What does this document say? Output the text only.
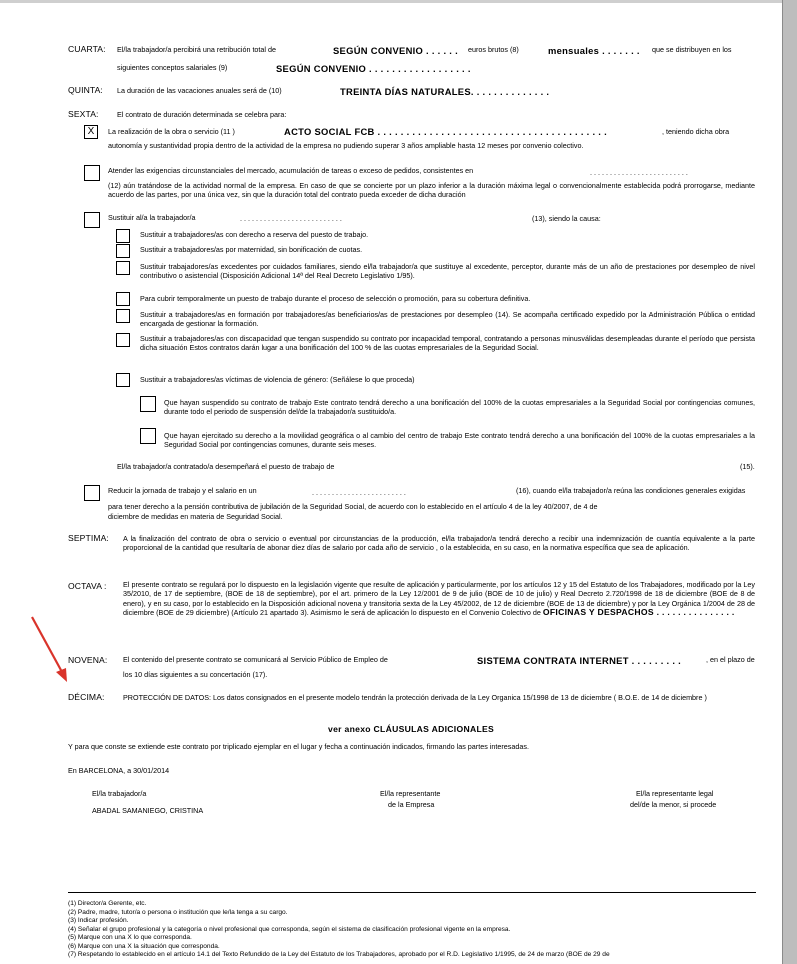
CUARTA: El/la trabajador/a percibirá una retribución total de	SEGÚN CONVENIO . . . . . . euros brutos (8)	mensuales . . . . . . . que se distribuyen en los
siguientes conceptos salariales (9)	SEGÚN CONVENIO . . . . . . . . . . . . . . . . . .
QUINTA: La duración de las vacaciones anuales será de (10)	TREINTA DÍAS NATURALES. . . . . . . . . . . . . .
SEXTA:	El contrato de duración determinada se celebra para:
X	La realización de la obra o servicio (11 )	ACTO SOCIAL FCB . . . . . . . . . . . . . . . . . . . . . . . . . . . . . . . . . . . . . . . .	, teniendo dicha obra
autonomía y sustantividad propia dentro de la actividad de la empresa no pudiendo superar 3 años ampliable hasta 12 meses por convenio colectivo.
Atender las exigencias circunstanciales del mercado, acumulación de tareas o exceso de pedidos, consistentes en	. . . . . . . . . . . . . . . . . . . . . . . . .
(12) aún tratándose de la actividad normal de la empresa. En caso de que se concierte por un plazo inferior a la duración máxima legal o convencionalmente establecida podrá prorrogarse, mediante acuerdo de las partes, por una única vez, sin que la duración total del contrato pueda exceder de dicha duración
Sustituir al/a la trabajador/a	. . . . . . . . . . . . . . . . . . . . . . . . . .	(13), siendo la causa:
Sustituir a trabajadores/as con derecho a reserva del puesto de trabajo.
Sustituir a trabajadores/as por maternidad, sin bonificación de cuotas.
Sustituir trabajadores/as excedentes por cuidados familiares, siendo el/la trabajador/a que sustituye al excedente, perceptor, durante más de un año de prestaciones por desempleo de nivel contributivo o asistencial (Disposición Adicional 14ª del Real Decreto Legislativo 1/95).
Para cubrir temporalmente un puesto de trabajo durante el proceso de selección o promoción, para su cobertura definitiva.
Sustituir a trabajadores/as en formación por trabajadores/as beneficiarios/as de prestaciones por desempleo (14). Se acompaña certificado expedido por la Administración Pública o entidad encargada de gestionar la formación.
Sustituir a trabajadores/as con discapacidad que tengan suspendido su contrato por incapacidad temporal, contratando a personas minusválidas desempleadas durante el período que persista dicha situación Estos contratos darán lugar a una bonificación del 100 % de las cuotas empresariales de la Seguridad Social.
Sustituir a trabajadores/as víctimas de violencia de género: (Señálese lo que proceda)
Que hayan suspendido su contrato de trabajo Este contrato tendrá derecho a una bonificación del 100% de la cuotas empresariales a la Seguridad Social por contingencias comunes, durante todo el periodo de suspensión del/de la trabajador/a sustituido/a.
Que hayan ejercitado su derecho a la movilidad geográfica o al cambio del centro de trabajo Este contrato tendrá derecho a una bonificación del 100% de la cuotas empresariales a la Seguridad Social por contingencias comunes, durante seis meses.
El/la trabajador/a contratado/a desempeñará el puesto de trabajo de	(15).
Reducir la jornada de trabajo y el salario en un	. . . . . . . . . . . . . . . . . . . . . . . .	(16), cuando el/la trabajador/a reúna las condiciones generales exigidas
para tener derecho a la pensión contributiva de jubilación de la Seguridad Social, de acuerdo con lo establecido en el artículo 4 de la ley 40/2007, de 4 de
diciembre de medidas en materia de Seguridad Social.
SEPTIMA: A la finalización del contrato de obra o servicio o eventual por circunstancias de la producción, el/la trabajador/a tendrá derecho a recibir una indemnización de cuantía equivalente a la parte proporcional de la cantidad que resultaría de abonar diez días de salario por cada año de servicio , o la establecida, en su caso, en la normativa específica que sea de aplicación.
OCTAVA : El presente contrato se regulará por lo dispuesto en la legislación vigente que resulte de aplicación y particularmente, por los artículos 12 y 15 del Estatuto de los Trabajadores, modificado por la Ley 35/2010, de 17 de septiembre, (BOE de 18 de septiembre), por el art. primero de la Ley 12/2001 de 9 de julio (BOE de 10 de julio) y Real Decreto 2.720/1998 de 18 de diciembre (BOE de 8 de enero), y en su caso, por lo establecido en la Disposición adicional novena y transitoria sexta de la Ley 45/2002, de 12 de diciembre (BOE de 13 de diciembre) y por la Ley Orgánica 1/2004 de 28 de diciembre (BOE de 29 diciembre) (Artículo 21 apartado 3). Asimismo le será de aplicación lo dispuesto en el Convenio Colectivo de OFICINAS Y DESPACHOS . . . . . . . . . . . . . . .
NOVENA: El contenido del presente contrato se comunicará al Servicio Público de Empleo de	SISTEMA CONTRATA INTERNET . . . . . . . . .	, en el plazo de
los 10 días siguientes a su concertación (17).
DÉCIMA:	PROTECCIÓN DE DATOS: Los datos consignados en el presente modelo tendrán la protección derivada de la Ley Organica 15/1998 de 13 de diciembre ( B.O.E. de 14 de diciembre )
ver anexo CLÁUSULAS ADICIONALES
Y para que conste se extiende este contrato por triplicado ejemplar en el lugar y fecha a continuación indicados, firmando las partes interesadas.
En BARCELONA, a 30/01/2014
El/la trabajador/a
ABADAL SAMANIEGO, CRISTINA
El/la representante
de la Empresa
El/la representante legal
del/de la menor, si procede
(1) Director/a Gerente, etc.
(2) Padre, madre, tutor/a o persona o institución que le/la tenga a su cargo.
(3) Indicar profesión.
(4) Señalar el grupo profesional y la categoría o nivel profesional que corresponda, según el sistema de clasificación profesional vigente en la empresa.
(5) Marque con una X lo que corresponda.
(6) Marque con una X la situación que corresponda.
(7) Respetando lo establecido en el artículo 14.1 del Texto Refundido de la Ley del Estatuto de los Trabajadores, aprobado por el R.D. Legislativo 1/1995, de 24 de marzo (BOE de 29 de
